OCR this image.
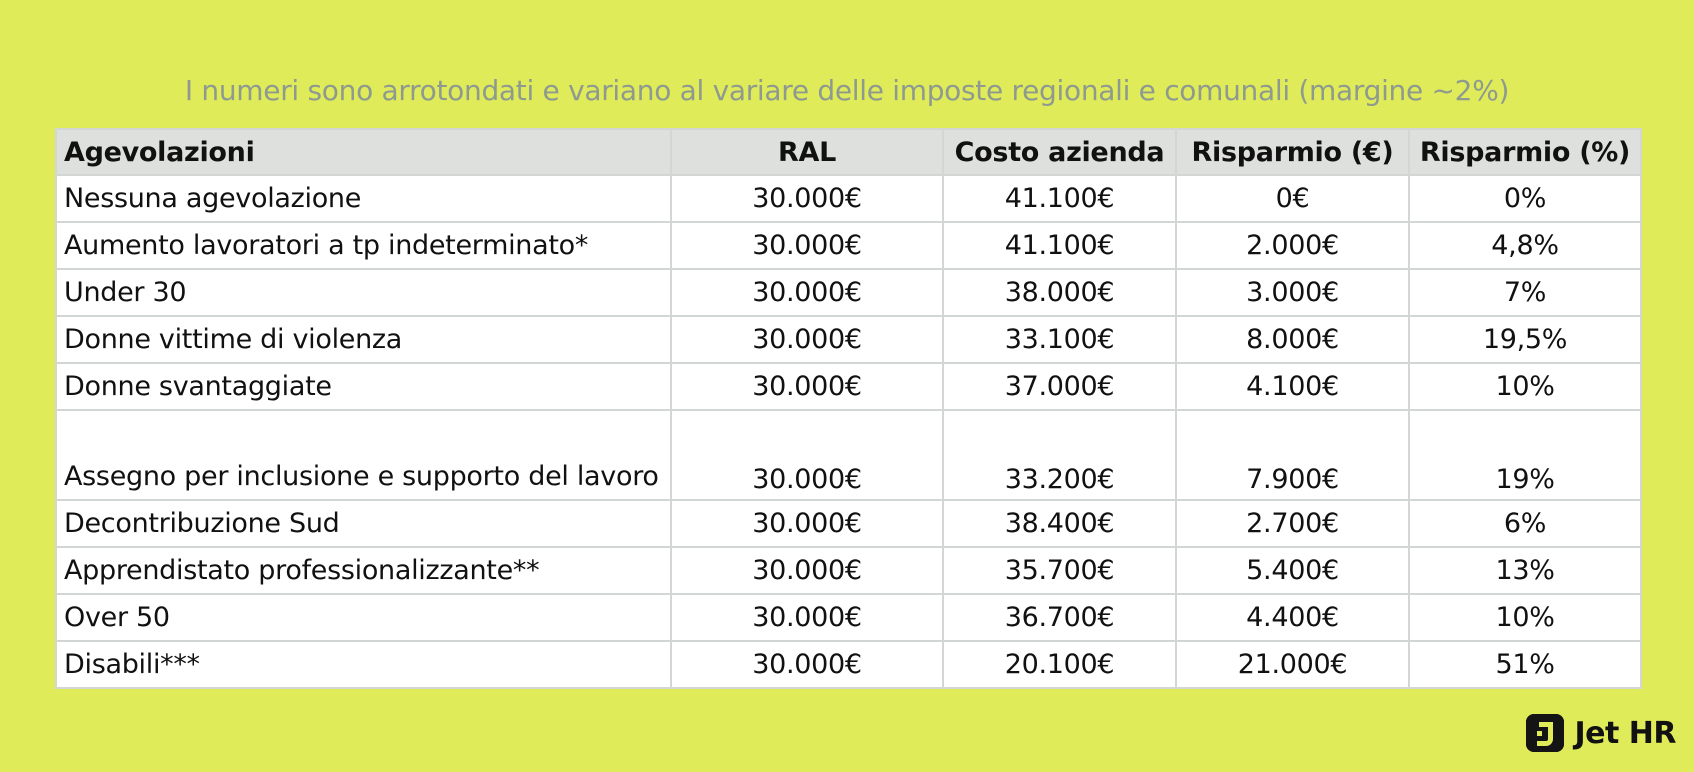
I numeri sono arrotondati e variano al variare delle imposte regionali e comunali (margine ~2%)
Agevolazioni	RAL	Costo azienda	Risparmio (€)	Risparmio (%)
Nessuna agevolazione	30.000€	41.100€	0€	0%
Aumento lavoratori a tp indeterminato*	30.000€	41.100€	2.000€	4,8%
Under 30	30.000€	38.000€	3.000€	7%
Donne vittime di violenza	30.000€	33.100€	8.000€	19,5%
Donne svantaggiate	30.000€	37.000€	4.100€	10%
Assegno per inclusione e supporto del lavoro	30.000€	33.200€	7.900€	19%
Decontribuzione Sud	30.000€	38.400€	2.700€	6%
Apprendistato professionalizzante**	30.000€	35.700€	5.400€	13%
Over 50	30.000€	36.700€	4.400€	10%
Disabili***	30.000€	20.100€	21.000€	51%
Jet HR
